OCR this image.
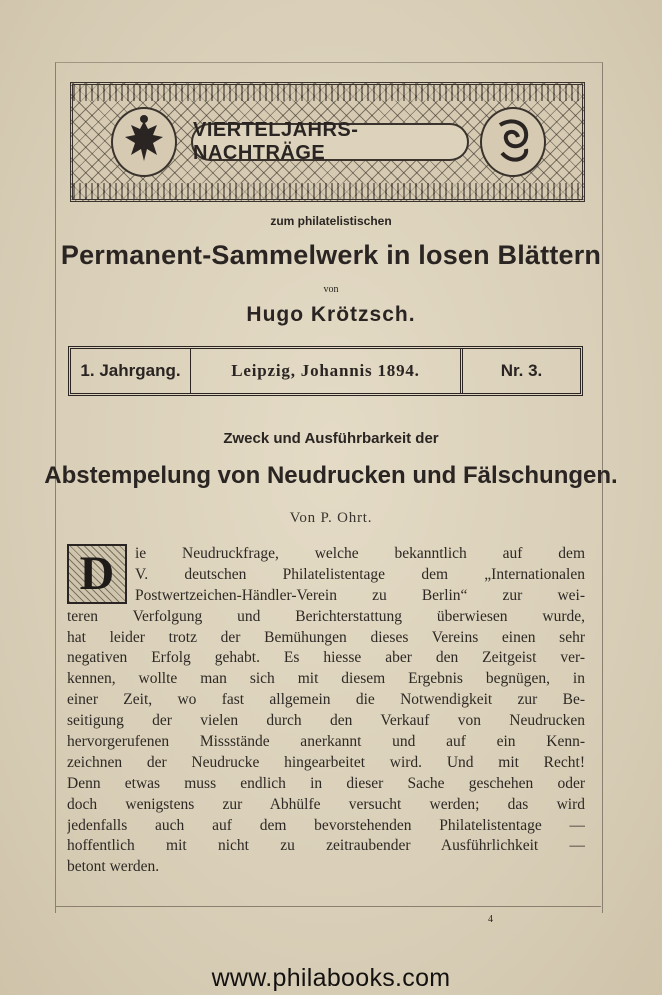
VIERTELJAHRS-NACHTRÄGE
zum philatelistischen
Permanent-Sammelwerk in losen Blättern
von
Hugo Krötzsch.
1. Jahrgang.	Leipzig, Johannis 1894.	Nr. 3.
Zweck und Ausführbarkeit der
Abstempelung von Neudrucken und Fälschungen.
Von P. Ohrt.
ie Neudruckfrage, welche bekanntlich auf dem
V. deutschen Philatelistentage dem „Internationalen
Postwertzeichen-Händler-Verein zu Berlin“ zur wei-
teren Verfolgung und Berichterstattung überwiesen wurde,
hat leider trotz der Bemühungen dieses Vereins einen sehr
negativen Erfolg gehabt. Es hiesse aber den Zeitgeist ver-
kennen, wollte man sich mit diesem Ergebnis begnügen, in
einer Zeit, wo fast allgemein die Notwendigkeit zur Be-
seitigung der vielen durch den Verkauf von Neudrucken
hervorgerufenen Missstände anerkannt und auf ein Kenn-
zeichnen der Neudrucke hingearbeitet wird. Und mit Recht!
Denn etwas muss endlich in dieser Sache geschehen oder
doch wenigstens zur Abhülfe versucht werden; das wird
jedenfalls auch auf dem bevorstehenden Philatelistentage —
hoffentlich mit nicht zu zeitraubender Ausführlichkeit —
betont werden.
D
4
www.philabooks.com
